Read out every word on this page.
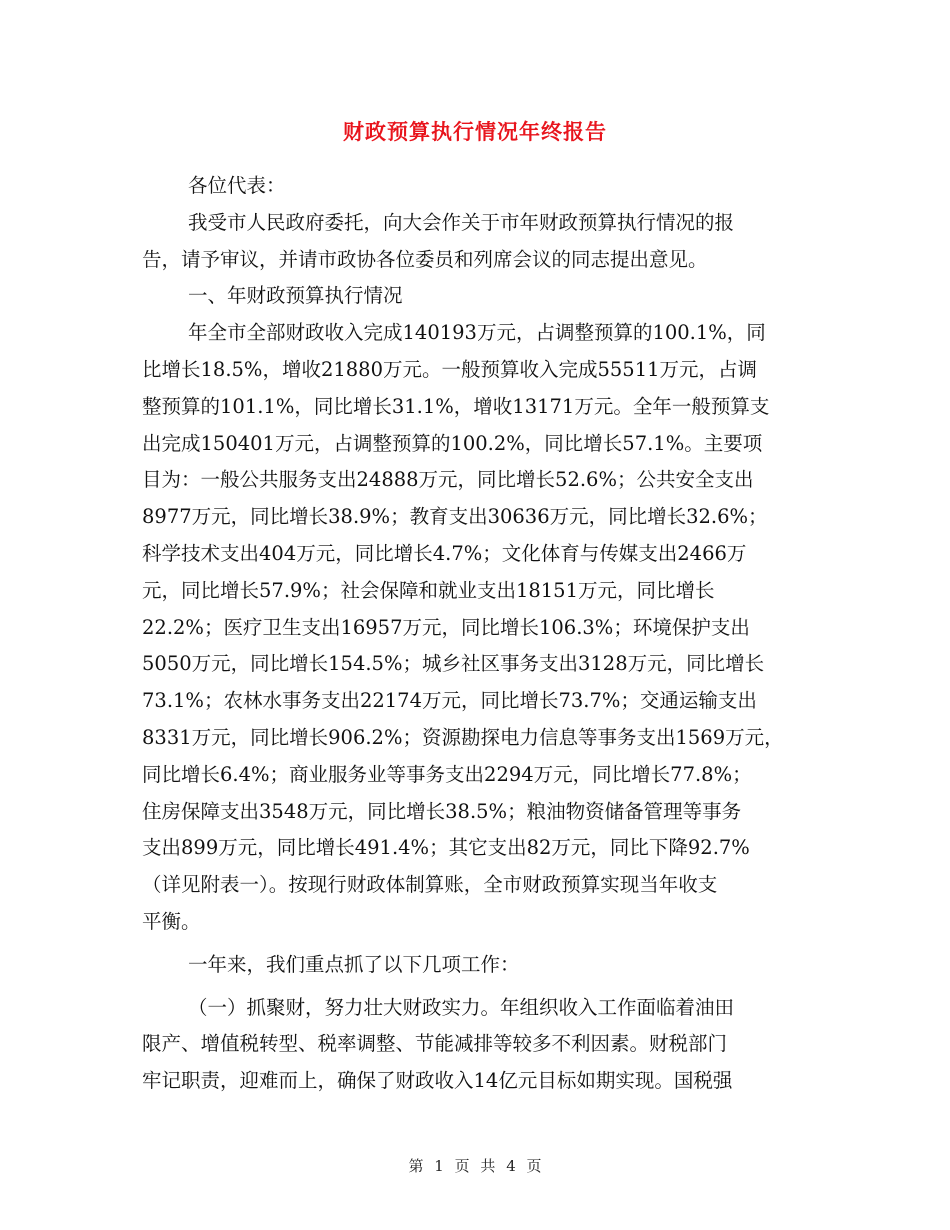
财政预算执行情况年终报告
各位代表：
我受市人民政府委托，向大会作关于市年财政预算执行情况的报
告，请予审议，并请市政协各位委员和列席会议的同志提出意见。
一、年财政预算执行情况
年全市全部财政收入完成140193万元，占调整预算的100.1%，同
比增长18.5%，增收21880万元。一般预算收入完成55511万元，占调
整预算的101.1%，同比增长31.1%，增收13171万元。全年一般预算支
出完成150401万元，占调整预算的100.2%，同比增长57.1%。主要项
目为：一般公共服务支出24888万元，同比增长52.6%；公共安全支出
8977万元，同比增长38.9%；教育支出30636万元，同比增长32.6%；
科学技术支出404万元，同比增长4.7%；文化体育与传媒支出2466万
元，同比增长57.9%；社会保障和就业支出18151万元，同比增长
22.2%；医疗卫生支出16957万元，同比增长106.3%；环境保护支出
5050万元，同比增长154.5%；城乡社区事务支出3128万元，同比增长
73.1%；农林水事务支出22174万元，同比增长73.7%；交通运输支出
8331万元，同比增长906.2%；资源勘探电力信息等事务支出1569万元，
同比增长6.4%；商业服务业等事务支出2294万元，同比增长77.8%；
住房保障支出3548万元，同比增长38.5%；粮油物资储备管理等事务
支出899万元，同比增长491.4%；其它支出82万元，同比下降92.7%
（详见附表一）。按现行财政体制算账，全市财政预算实现当年收支
平衡。
一年来，我们重点抓了以下几项工作：
（一）抓聚财，努力壮大财政实力。年组织收入工作面临着油田
限产、增值税转型、税率调整、节能减排等较多不利因素。财税部门
牢记职责，迎难而上，确保了财政收入14亿元目标如期实现。国税强
第 1 页 共 4 页
